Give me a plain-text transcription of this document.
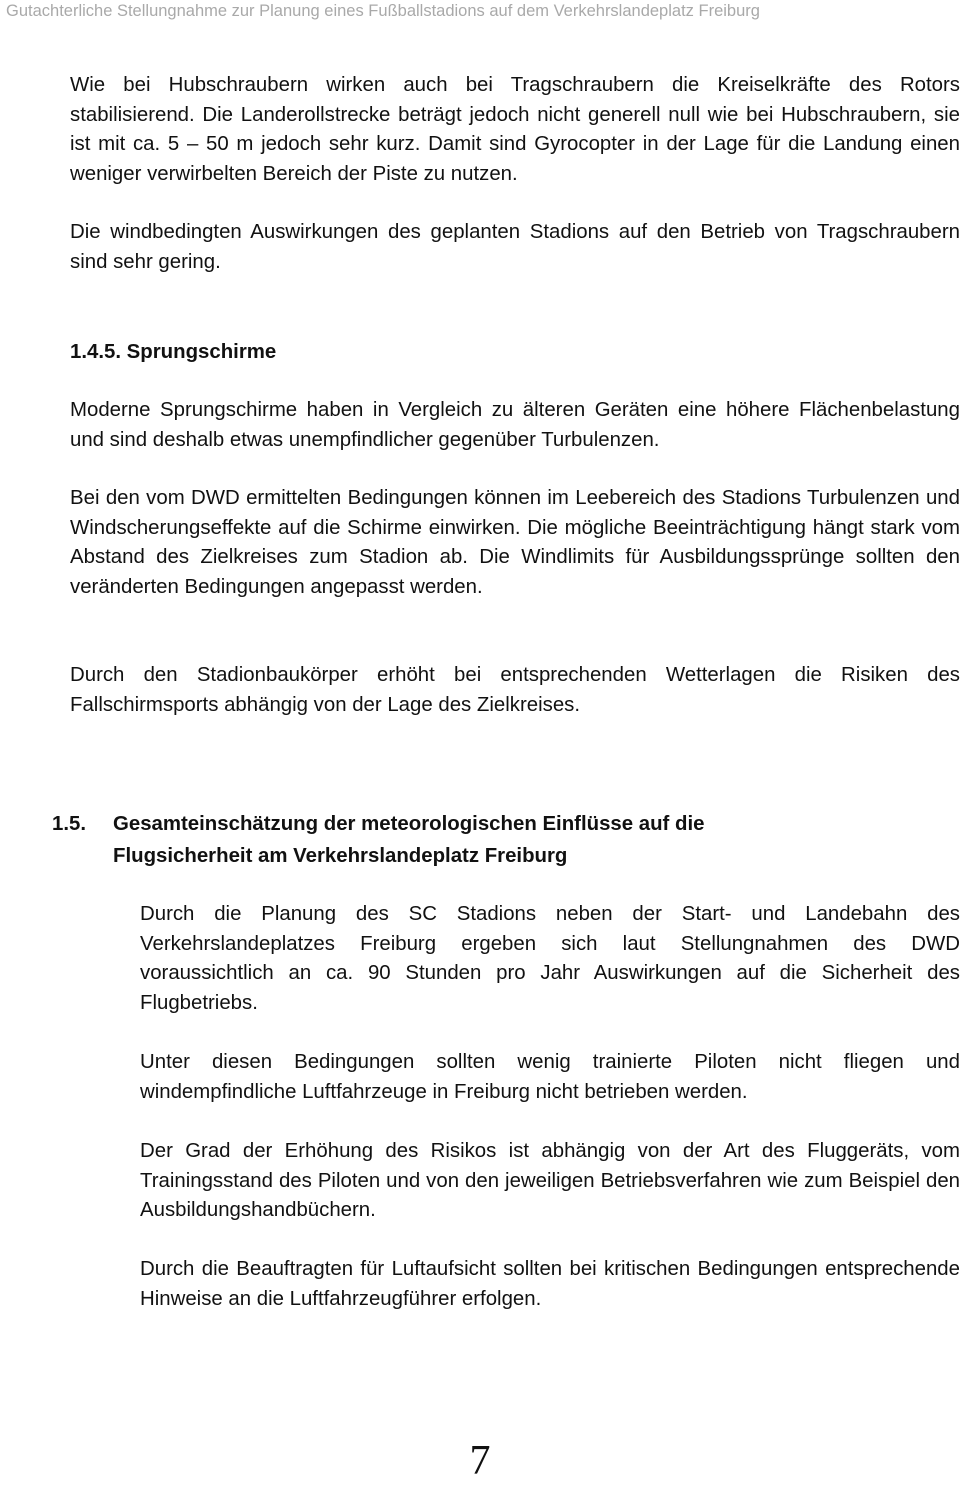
Gutachterliche Stellungnahme zur Planung eines Fußballstadions auf dem Verkehrslandeplatz Freiburg

Wie bei Hubschraubern wirken auch bei Tragschraubern die Kreiselkräfte des Rotors stabilisierend. Die Landerollstrecke beträgt jedoch nicht generell null wie bei Hubschraubern, sie ist mit ca. 5 – 50 m jedoch sehr kurz. Damit sind Gyrocopter in der Lage für die Landung einen weniger verwirbelten Bereich der Piste zu nutzen.

Die windbedingten Auswirkungen des geplanten Stadions auf den Betrieb von Tragschraubern sind sehr gering.

1.4.5. Sprungschirme

Moderne Sprungschirme haben in Vergleich zu älteren Geräten eine höhere Flächenbelastung und sind deshalb etwas unempfindlicher gegenüber Turbulenzen.

Bei den vom DWD ermittelten Bedingungen können im Leebereich des Stadions Turbulenzen und Windscherungseffekte auf die Schirme einwirken. Die mögliche Beeinträchtigung hängt stark vom Abstand des Zielkreises zum Stadion ab. Die Windlimits für Ausbildungssprünge sollten den veränderten Bedingungen angepasst werden.

Durch den Stadionbaukörper erhöht bei entsprechenden Wetterlagen die Risiken des Fallschirmsports abhängig von der Lage des Zielkreises.

1.5. Gesamteinschätzung der meteorologischen Einflüsse auf die Flugsicherheit am Verkehrslandeplatz Freiburg

Durch die Planung des SC Stadions neben der Start- und Landebahn des Verkehrslandeplatzes Freiburg ergeben sich laut Stellungnahmen des DWD voraussichtlich an ca. 90 Stunden pro Jahr Auswirkungen auf die Sicherheit des Flugbetriebs.

Unter diesen Bedingungen sollten wenig trainierte Piloten nicht fliegen und windempfindliche Luftfahrzeuge in Freiburg nicht betrieben werden.

Der Grad der Erhöhung des Risikos ist abhängig von der Art des Fluggeräts, vom Trainingsstand des Piloten und von den jeweiligen Betriebsverfahren wie zum Beispiel den Ausbildungshandbüchern.

Durch die Beauftragten für Luftaufsicht sollten bei kritischen Bedingungen entsprechende Hinweise an die Luftfahrzeugführer erfolgen.

7
